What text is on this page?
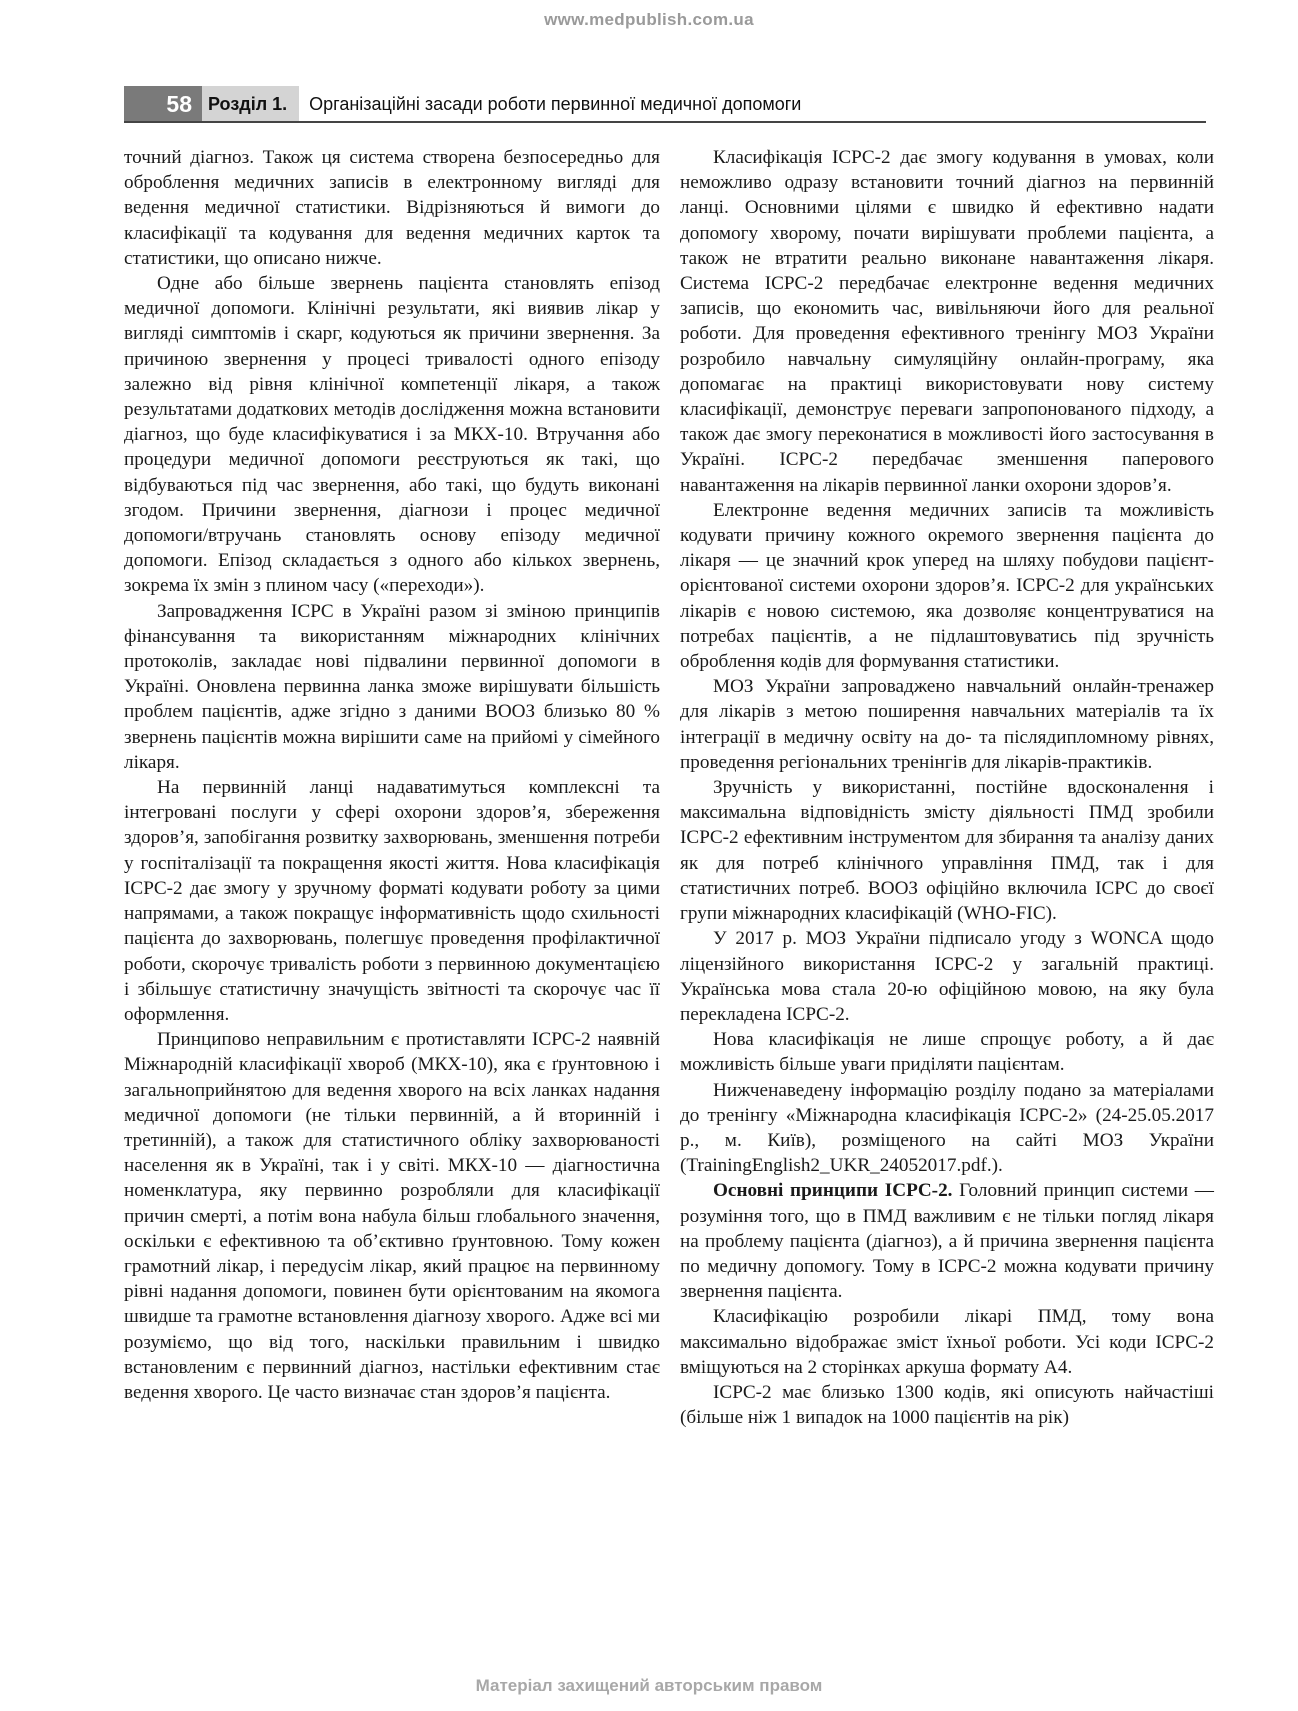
www.medpublish.com.ua
58 Розділ 1.	Організаційні засади роботи первинної медичної допомоги

точний діагноз. Також ця система створена безпосередньо для оброблення медичних записів в електронному вигляді для ведення медичної статистики. Відрізняються й вимоги до класифікації та кодування для ведення медичних карток та статистики, що описано нижче.

Одне або більше звернень пацієнта становлять епізод медичної допомоги. Клінічні результати, які виявив лікар у вигляді симптомів і скарг, кодуються як причини звернення. За причиною звернення у процесі тривалості одного епізоду залежно від рівня клінічної компетенції лікаря, а також результатами додаткових методів дослідження можна встановити діагноз, що буде класифікуватися і за МКХ-10. Втручання або процедури медичної допомоги реєструються як такі, що відбуваються під час звернення, або такі, що будуть виконані згодом. Причини звернення, діагнози і процес медичної допомоги/втручань становлять основу епізоду медичної допомоги. Епізод складається з одного або кількох звернень, зокрема їх змін з плином часу («переходи»).

Запровадження ICPC в Україні разом зі зміною принципів фінансування та використанням міжнародних клінічних протоколів, закладає нові підвалини первинної допомоги в Україні. Оновлена первинна ланка зможе вирішувати більшість проблем пацієнтів, адже згідно з даними ВООЗ близько 80 % звернень пацієнтів можна вирішити саме на прийомі у сімейного лікаря.

На первинній ланці надаватимуться комплексні та інтегровані послуги у сфері охорони здоров’я, збереження здоров’я, запобігання розвитку захворювань, зменшення потреби у госпіталізації та покращення якості життя. Нова класифікація ICPC-2 дає змогу у зручному форматі кодувати роботу за цими напрямами, а також покращує інформативність щодо схильності пацієнта до захворювань, полегшує проведення профілактичної роботи, скорочує тривалість роботи з первинною документацією і збільшує статистичну значущість звітності та скорочує час її оформлення.

Принципово неправильним є протиставляти ICPC-2 наявній Міжнародній класифікації хвороб (МКХ-10), яка є ґрунтовною і загальноприйнятою для ведення хворого на всіх ланках надання медичної допомоги (не тільки первинній, а й вторинній і третинній), а також для статистичного обліку захворюваності населення як в Україні, так і у світі. МКХ-10 — діагностична номенклатура, яку первинно розробляли для класифікації причин смерті, а потім вона набула більш глобального значення, оскільки є ефективною та об’єктивно ґрунтовною. Тому кожен грамотний лікар, і передусім лікар, який працює на первинному рівні надання допомоги, повинен бути орієнтованим на якомога швидше та грамотне встановлення діагнозу хворого. Адже всі ми розуміємо, що від того, наскільки правильним і швидко встановленим є первинний діагноз, настільки ефективним стає ведення хворого. Це часто визначає стан здоров’я пацієнта.

Класифікація ICPC-2 дає змогу кодування в умовах, коли неможливо одразу встановити точний діагноз на первинній ланці. Основними цілями є швидко й ефективно надати допомогу хворому, почати вирішувати проблеми пацієнта, а також не втратити реально виконане навантаження лікаря. Система ICPC-2 передбачає електронне ведення медичних записів, що економить час, вивільняючи його для реальної роботи. Для проведення ефективного тренінгу МОЗ України розробило навчальну симуляційну онлайн-програму, яка допомагає на практиці використовувати нову систему класифікації, демонструє переваги запропонованого підходу, а також дає змогу переконатися в можливості його застосування в Україні. ICPC-2 передбачає зменшення паперового навантаження на лікарів первинної ланки охорони здоров’я.

Електронне ведення медичних записів та можливість кодувати причину кожного окремого звернення пацієнта до лікаря — це значний крок уперед на шляху побудови пацієнт-орієнтованої системи охорони здоров’я. ICPC-2 для українських лікарів є новою системою, яка дозволяє концентруватися на потребах пацієнтів, а не підлаштовуватись під зручність оброблення кодів для формування статистики.

МОЗ України запроваджено навчальний онлайн-тренажер для лікарів з метою поширення навчальних матеріалів та їх інтеграції в медичну освіту на до- та післядипломному рівнях, проведення регіональних тренінгів для лікарів-практиків.

Зручність у використанні, постійне вдосконалення і максимальна відповідність змісту діяльності ПМД зробили ICPC-2 ефективним інструментом для збирання та аналізу даних як для потреб клінічного управління ПМД, так і для статистичних потреб. ВООЗ офіційно включила ICPC до своєї групи міжнародних класифікацій (WHO-FIC).

У 2017 р. МОЗ України підписало угоду з WONCA щодо ліцензійного використання ICPC-2 у загальній практиці. Українська мова стала 20-ю офіційною мовою, на яку була перекладена ICPC-2.

Нова класифікація не лише спрощує роботу, а й дає можливість більше уваги приділяти пацієнтам.

Нижченаведену інформацію розділу подано за матеріалами до тренінгу «Міжнародна класифікація ICPC-2» (24-25.05.2017 р., м. Київ), розміщеного на сайті МОЗ України (TrainingEnglish2_UKR_24052017.pdf.).

Основні принципи ICPC-2. Головний принцип системи — розуміння того, що в ПМД важливим є не тільки погляд лікаря на проблему пацієнта (діагноз), а й причина звернення пацієнта по медичну допомогу. Тому в ICPC-2 можна кодувати причину звернення пацієнта.

Класифікацію розробили лікарі ПМД, тому вона максимально відображає зміст їхньої роботи. Усі коди ICPC-2 вміщуються на 2 сторінках аркуша формату А4.

ICPC-2 має близько 1300 кодів, які описують найчастіші (більше ніж 1 випадок на 1000 пацієнтів на рік)

Матеріал захищений авторським правом
